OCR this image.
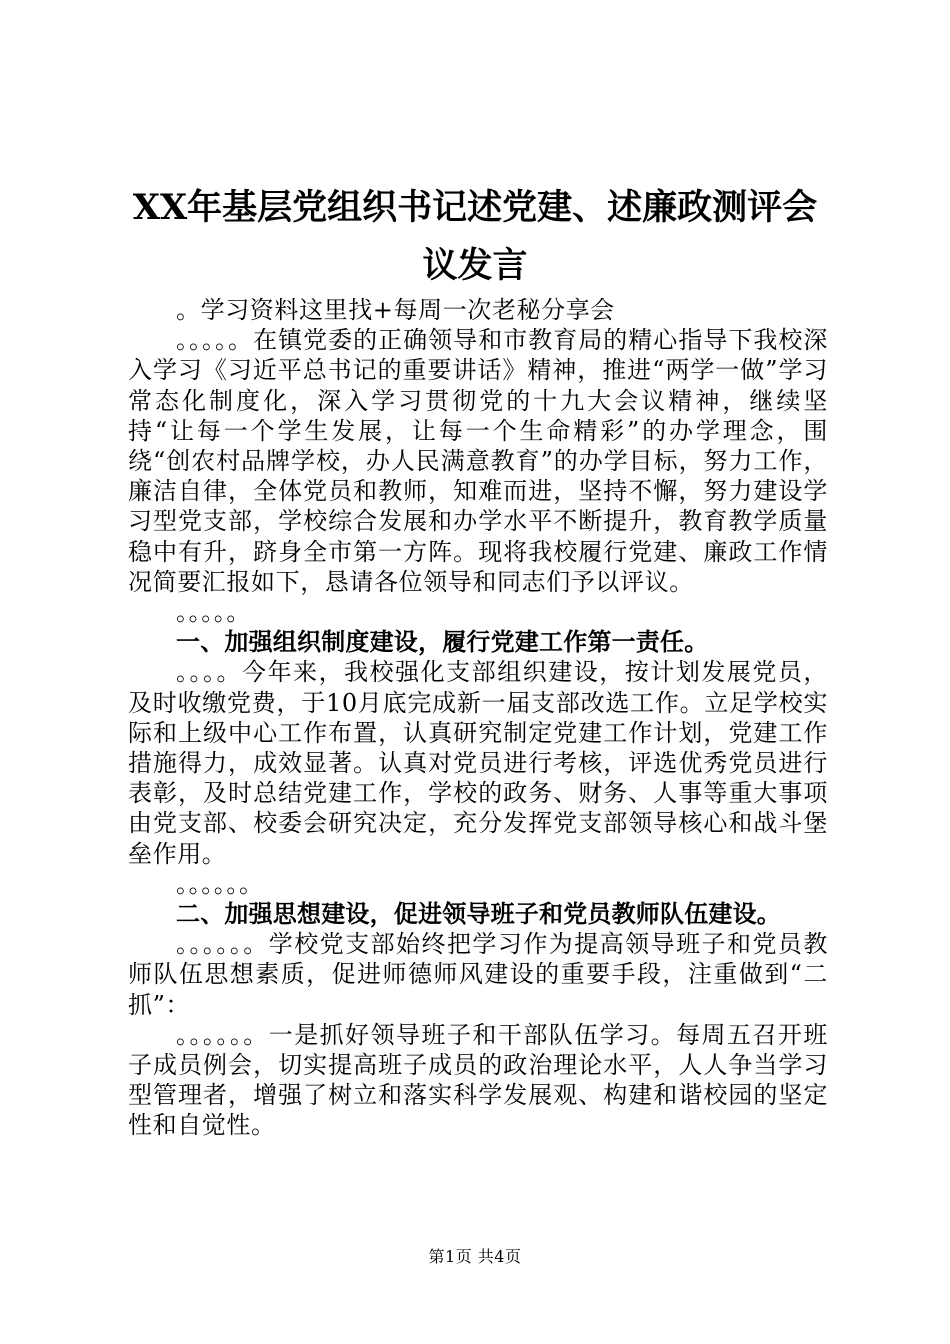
XX年基层党组织书记述党建、述廉政测评会
议发言

。学习资料这里找+每周一次老秘分享会

。。。。。在镇党委的正确领导和市教育局的精心指导下我校深入学习《习近平总书记的重要讲话》精神，推进“两学一做”学习常态化制度化，深入学习贯彻党的十九大会议精神，继续坚持“让每一个学生发展，让每一个生命精彩”的办学理念，围绕“创农村品牌学校，办人民满意教育”的办学目标，努力工作，廉洁自律，全体党员和教师，知难而进，坚持不懈，努力建设学习型党支部，学校综合发展和办学水平不断提升，教育教学质量稳中有升，跻身全市第一方阵。现将我校履行党建、廉政工作情况简要汇报如下，恳请各位领导和同志们予以评议。

。。。。。

一、加强组织制度建设，履行党建工作第一责任。

。。。。今年来，我校强化支部组织建设，按计划发展党员，及时收缴党费，于10月底完成新一届支部改选工作。立足学校实际和上级中心工作布置，认真研究制定党建工作计划，党建工作措施得力，成效显著。认真对党员进行考核，评选优秀党员进行表彰，及时总结党建工作，学校的政务、财务、人事等重大事项由党支部、校委会研究决定，充分发挥党支部领导核心和战斗堡垒作用。

。。。。。。

二、加强思想建设，促进领导班子和党员教师队伍建设。

。。。。。。学校党支部始终把学习作为提高领导班子和党员教师队伍思想素质，促进师德师风建设的重要手段，注重做到“二抓”：

。。。。。。一是抓好领导班子和干部队伍学习。每周五召开班子成员例会，切实提高班子成员的政治理论水平，人人争当学习型管理者，增强了树立和落实科学发展观、构建和谐校园的坚定性和自觉性。

第1页 共4页
